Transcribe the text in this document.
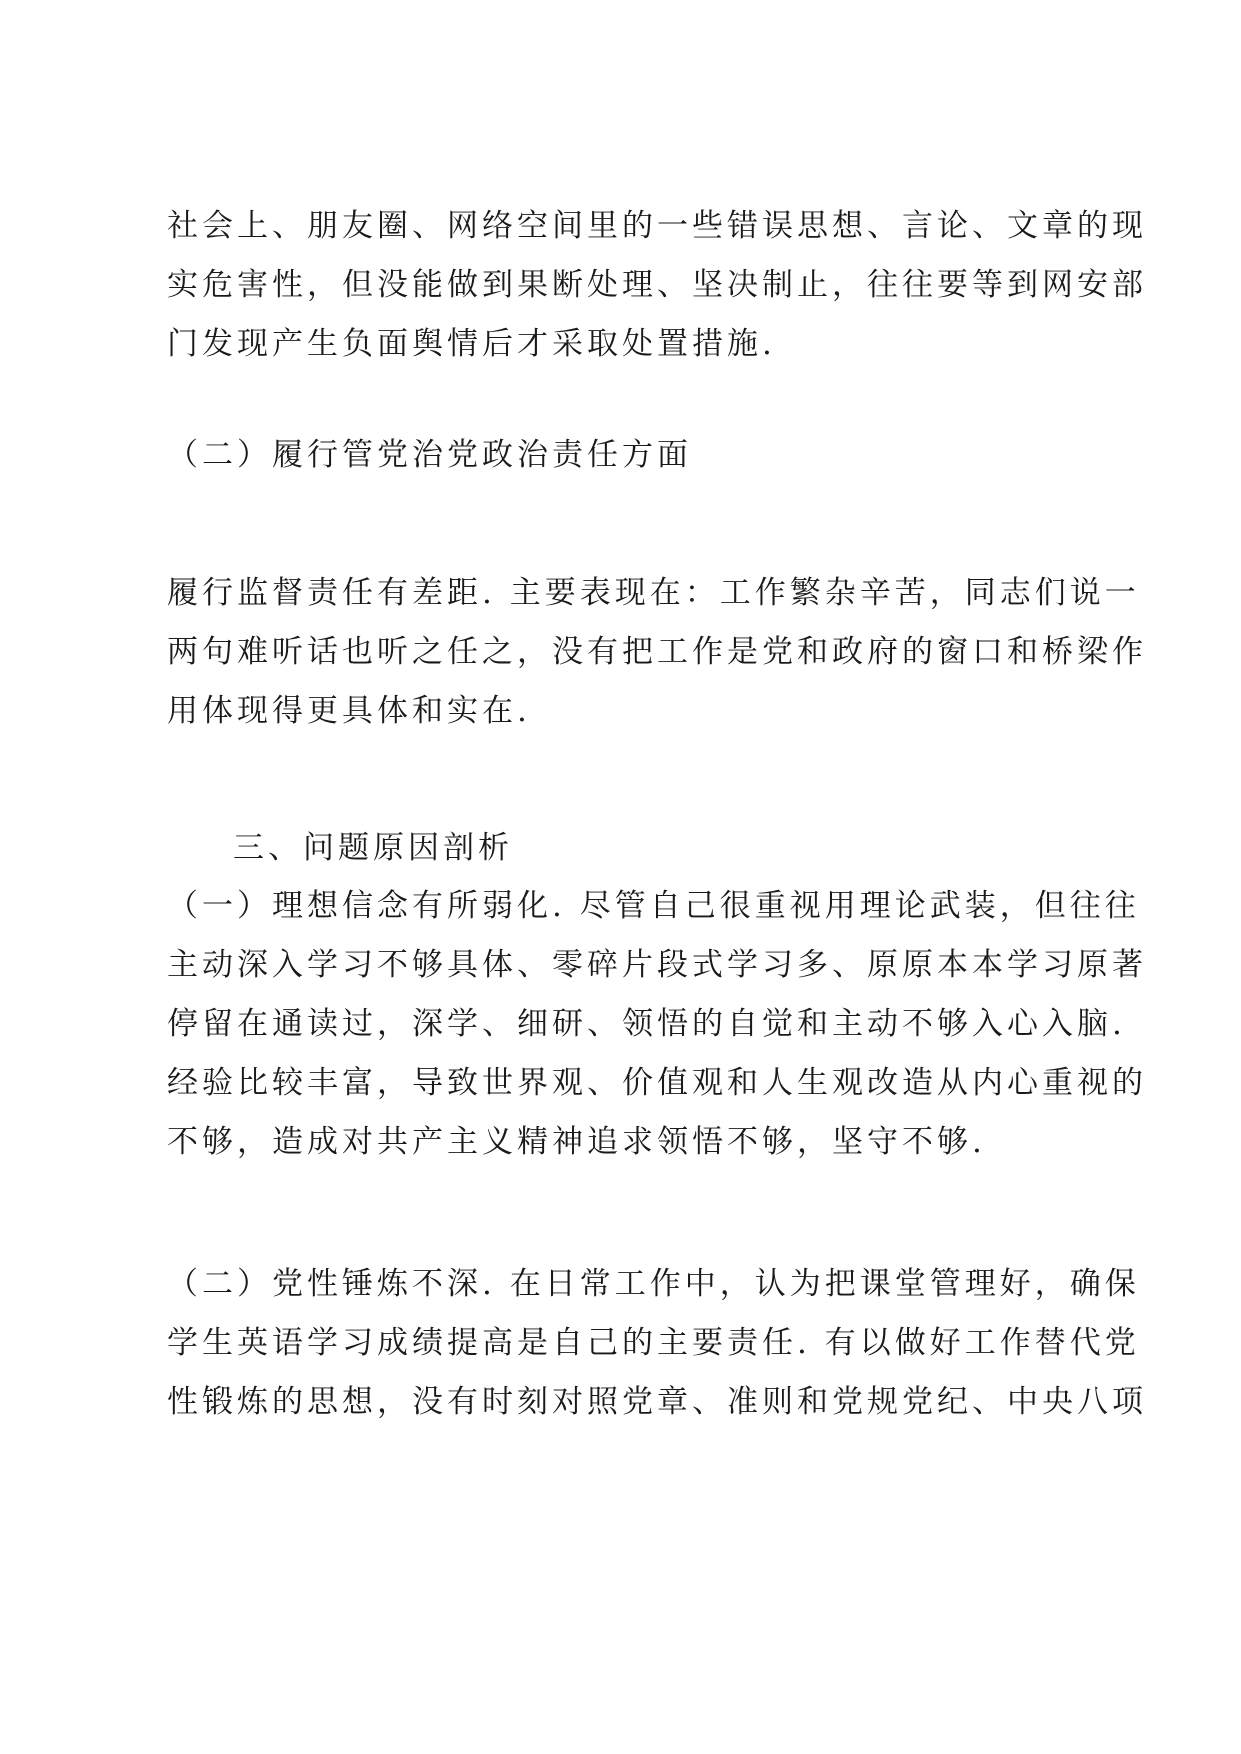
社会上、朋友圈、网络空间里的一些错误思想、言论、文章的现

实危害性，但没能做到果断处理、坚决制止，往往要等到网安部

门发现产生负面舆情后才采取处置措施.

（二）履行管党治党政治责任方面

履行监督责任有差距. 主要表现在：工作繁杂辛苦，同志们说一

两句难听话也听之任之，没有把工作是党和政府的窗口和桥梁作

用体现得更具体和实在.

三、问题原因剖析

（一）理想信念有所弱化. 尽管自己很重视用理论武装，但往往

主动深入学习不够具体、零碎片段式学习多、原原本本学习原著

停留在通读过，深学、细研、领悟的自觉和主动不够入心入脑.

经验比较丰富，导致世界观、价值观和人生观改造从内心重视的

不够，造成对共产主义精神追求领悟不够，坚守不够.

（二）党性锤炼不深. 在日常工作中，认为把课堂管理好，确保

学生英语学习成绩提高是自己的主要责任. 有以做好工作替代党

性锻炼的思想，没有时刻对照党章、准则和党规党纪、中央八项
